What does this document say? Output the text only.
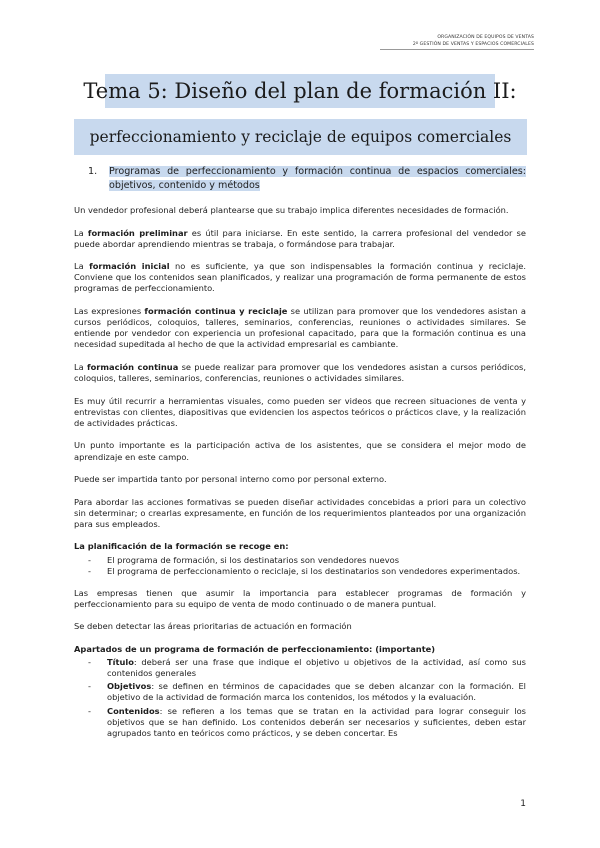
ORGANIZACIÓN DE EQUIPOS DE VENTAS
2º GESTIÓN DE VENTAS Y ESPACIOS COMERCIALES
Tema 5: Diseño del plan de formación II:
perfeccionamiento y reciclaje de equipos comerciales
1. Programas de perfeccionamiento y formación continua de espacios comerciales: objetivos, contenido y métodos

Un vendedor profesional deberá plantearse que su trabajo implica diferentes necesidades de formación.

La formación preliminar es útil para iniciarse. En este sentido, la carrera profesional del vendedor se puede abordar aprendiendo mientras se trabaja, o formándose para trabajar.

La formación inicial no es suficiente, ya que son indispensables la formación continua y reciclaje. Conviene que los contenidos sean planificados, y realizar una programación de forma permanente de estos programas de perfeccionamiento.

Las expresiones formación continua y reciclaje se utilizan para promover que los vendedores asistan a cursos periódicos, coloquios, talleres, seminarios, conferencias, reuniones o actividades similares. Se entiende por vendedor con experiencia un profesional capacitado, para que la formación continua es una necesidad supeditada al hecho de que la actividad empresarial es cambiante.

La formación continua se puede realizar para promover que los vendedores asistan a cursos periódicos, coloquios, talleres, seminarios, conferencias, reuniones o actividades similares.

Es muy útil recurrir a herramientas visuales, como pueden ser videos que recreen situaciones de venta y entrevistas con clientes, diapositivas que evidencien los aspectos teóricos o prácticos clave, y la realización de actividades prácticas.

Un punto importante es la participación activa de los asistentes, que se considera el mejor modo de aprendizaje en este campo.

Puede ser impartida tanto por personal interno como por personal externo.

Para abordar las acciones formativas se pueden diseñar actividades concebidas a priori para un colectivo sin determinar; o crearlas expresamente, en función de los requerimientos planteados por una organización para sus empleados.

La planificación de la formación se recoge en:

- El programa de formación, si los destinatarios son vendedores nuevos
- El programa de perfeccionamiento o reciclaje, si los destinatarios son vendedores experimentados.

Las empresas tienen que asumir la importancia para establecer programas de formación y perfeccionamiento para su equipo de venta de modo continuado o de manera puntual.

Se deben detectar las áreas prioritarias de actuación en formación

Apartados de un programa de formación de perfeccionamiento: (importante)

- Título: deberá ser una frase que indique el objetivo u objetivos de la actividad, así como sus contenidos generales
- Objetivos: se definen en términos de capacidades que se deben alcanzar con la formación. El objetivo de la actividad de formación marca los contenidos, los métodos y la evaluación.
- Contenidos: se refieren a los temas que se tratan en la actividad para lograr conseguir los objetivos que se han definido. Los contenidos deberán ser necesarios y suficientes, deben estar agrupados tanto en teóricos como prácticos, y se deben concertar. Es
1
